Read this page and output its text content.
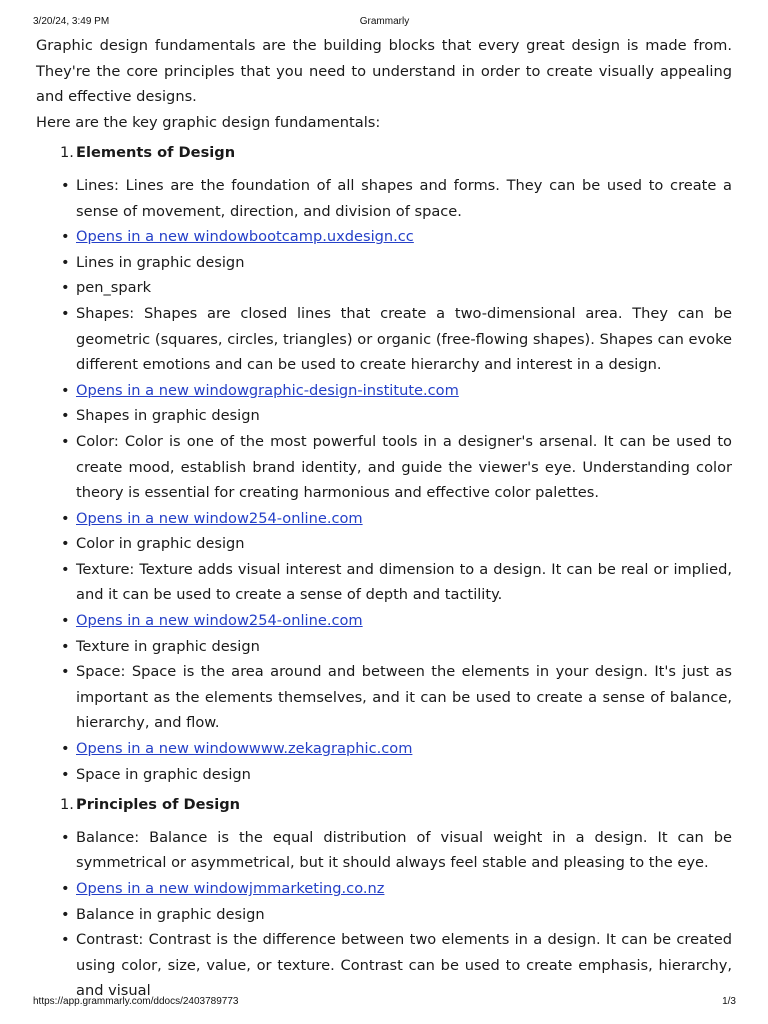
3/20/24, 3:49 PM	Grammarly

Graphic design fundamentals are the building blocks that every great design is made from. They're the core principles that you need to understand in order to create visually appealing and effective designs.

Here are the key graphic design fundamentals:

1. Elements of Design
• Lines: Lines are the foundation of all shapes and forms. They can be used to create a sense of movement, direction, and division of space.
• Opens in a new windowbootcamp.uxdesign.cc
• Lines in graphic design
• pen_spark
• Shapes: Shapes are closed lines that create a two-dimensional area. They can be geometric (squares, circles, triangles) or organic (free-flowing shapes). Shapes can evoke different emotions and can be used to create hierarchy and interest in a design.
• Opens in a new windowgraphic-design-institute.com
• Shapes in graphic design
• Color: Color is one of the most powerful tools in a designer's arsenal. It can be used to create mood, establish brand identity, and guide the viewer's eye. Understanding color theory is essential for creating harmonious and effective color palettes.
• Opens in a new window254-online.com
• Color in graphic design
• Texture: Texture adds visual interest and dimension to a design. It can be real or implied, and it can be used to create a sense of depth and tactility.
• Opens in a new window254-online.com
• Texture in graphic design
• Space: Space is the area around and between the elements in your design. It's just as important as the elements themselves, and it can be used to create a sense of balance, hierarchy, and flow.
• Opens in a new windowwww.zekagraphic.com
• Space in graphic design
1. Principles of Design
• Balance: Balance is the equal distribution of visual weight in a design. It can be symmetrical or asymmetrical, but it should always feel stable and pleasing to the eye.
• Opens in a new windowjmmarketing.co.nz
• Balance in graphic design
• Contrast: Contrast is the difference between two elements in a design. It can be created using color, size, value, or texture. Contrast can be used to create emphasis, hierarchy, and visual
https://app.grammarly.com/ddocs/2403789773	1/3
